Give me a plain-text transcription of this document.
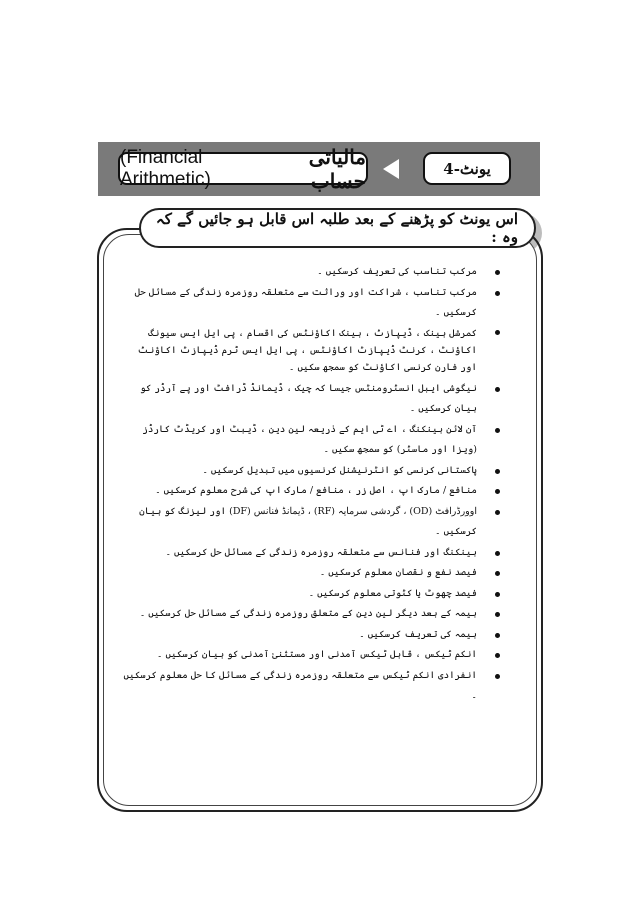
مالیاتی حساب
(Financial Arithmetic)	یونٹ-4
اس یونٹ کو پڑھنے کے بعد طلبہ اس قابل ہو جائیں گے کہ وہ :
مرکب تناسب کی تعریف کرسکیں ۔
مرکب تناسب ، شراکت اور وراثت سے متعلقہ روزمرہ زندگی کے مسائل حل کرسکیں ۔
کمرشل بینک ، ڈیپازٹ ، بینک اکاؤنٹس کی اقسام ، پی ایل ایس سیونگ اکاؤنٹ ، کرنٹ ڈیپازٹ اکاؤنٹس ، پی ایل ایس ٹرم ڈیپازٹ اکاؤنٹ اور فارن کرنسی اکاؤنٹ کو سمجھ سکیں ۔
نیگوشی ایبل انسٹرومنٹس جیسا کہ چیک ، ڈیمانڈ ڈرافٹ اور پے آرڈر کو بیان کرسکیں ۔
آن لائن بینکنگ ، اے ٹی ایم کے ذریعہ لین دین ، ڈیبٹ اور کریڈٹ کارڈز (ویزا اور ماسٹر) کو سمجھ سکیں ۔
پاکستانی کرنسی کو انٹرنیشنل کرنسیوں میں تبدیل کرسکیں ۔
منافع / مارک اپ ، اصل زر ، منافع / مارک اپ کی شرح معلوم کرسکیں ۔
اوورڈرافٹ (OD) ، گردشی سرمایہ (RF) ، ڈیمانڈ فنانس (DF) اور لیزنگ کو بیان کرسکیں ۔
بینکنگ اور فنانس سے متعلقہ روزمرہ زندگی کے مسائل حل کرسکیں ۔
فیصد نفع و نقصان معلوم کرسکیں ۔
فیصد چھوٹ یا کٹوتی معلوم کرسکیں ۔
بیمہ کے بعد دیگر لین دین کے متعلق روزمرہ زندگی کے مسائل حل کرسکیں ۔
بیمہ کی تعریف کرسکیں ۔
انکم ٹیکس ، قابل ٹیکس آمدنی اور مستثنیٰ آمدنی کو بیان کرسکیں ۔
انفرادی انکم ٹیکس سے متعلقہ روزمرہ زندگی کے مسائل کا حل معلوم کرسکیں ۔
